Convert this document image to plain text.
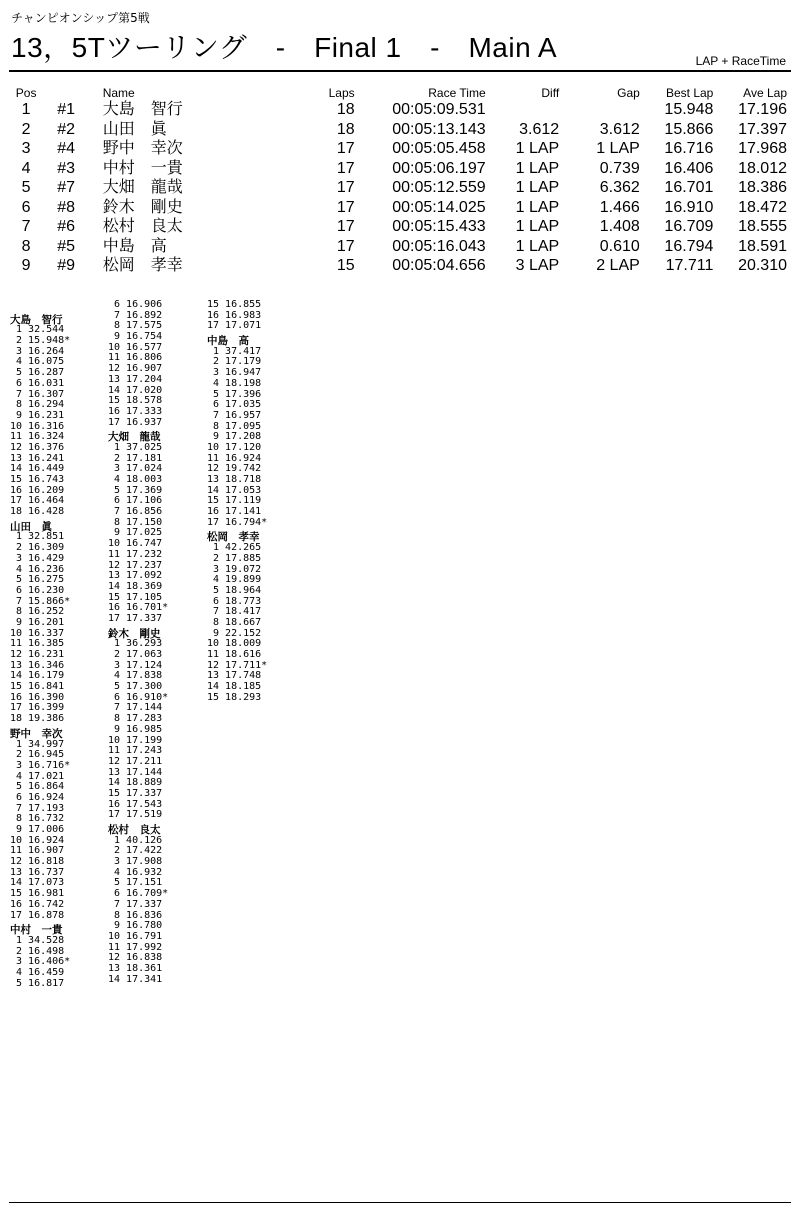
チャンピオンシップ第5戦
13，5Tツーリング　-　Final 1　-　Main A	LAP + RaceTime
Pos		Name	Laps	Race Time	Diff	Gap	Best Lap	Ave Lap
1	#1	大島　智行	18	00:05:09.531			15.948	17.196
2	#2	山田　眞	18	00:05:13.143	3.612	3.612	15.866	17.397
3	#4	野中　幸次	17	00:05:05.458	1 LAP	1 LAP	16.716	17.968
4	#3	中村　一貴	17	00:05:06.197	1 LAP	0.739	16.406	18.012
5	#7	大畑　龍哉	17	00:05:12.559	1 LAP	6.362	16.701	18.386
6	#8	鈴木　剛史	17	00:05:14.025	1 LAP	1.466	16.910	18.472
7	#6	松村　良太	17	00:05:15.433	1 LAP	1.408	16.709	18.555
8	#5	中島　高	17	00:05:16.043	1 LAP	0.610	16.794	18.591
9	#9	松岡　孝幸	15	00:05:04.656	3 LAP	2 LAP	17.711	20.310
大島　智行
1 32.544
2 15.948*
3 16.264
4 16.075
5 16.287
6 16.031
7 16.307
8 16.294
9 16.231
10 16.316
11 16.324
12 16.376
13 16.241
14 16.449
15 16.743
16 16.209
17 16.464
18 16.428
山田　眞
1 32.851
2 16.309
3 16.429
4 16.236
5 16.275
6 16.230
7 15.866*
8 16.252
9 16.201
10 16.337
11 16.385
12 16.231
13 16.346
14 16.179
15 16.841
16 16.390
17 16.399
18 19.386
野中　幸次
1 34.997
2 16.945
3 16.716*
4 17.021
5 16.864
6 16.924
7 17.193
8 16.732
9 17.006
10 16.924
11 16.907
12 16.818
13 16.737
14 17.073
15 16.981
16 16.742
17 16.878
中村　一貴
1 34.528
2 16.498
3 16.406*
4 16.459
5 16.817
6 16.906
7 16.892
8 17.575
9 16.754
10 16.577
11 16.806
12 16.907
13 17.204
14 17.020
15 18.578
16 17.333
17 16.937
大畑　龍哉
1 37.025
2 17.181
3 17.024
4 18.003
5 17.369
6 17.106
7 16.856
8 17.150
9 17.025
10 16.747
11 17.232
12 17.237
13 17.092
14 18.369
15 17.105
16 16.701*
17 17.337
鈴木　剛史
1 36.293
2 17.063
3 17.124
4 17.838
5 17.300
6 16.910*
7 17.144
8 17.283
9 16.985
10 17.199
11 17.243
12 17.211
13 17.144
14 18.889
15 17.337
16 17.543
17 17.519
松村　良太
1 40.126
2 17.422
3 17.908
4 16.932
5 17.151
6 16.709*
7 17.337
8 16.836
9 16.780
10 16.791
11 17.992
12 16.838
13 18.361
14 17.341
15 16.855
16 16.983
17 17.071
中島　高
1 37.417
2 17.179
3 16.947
4 18.198
5 17.396
6 17.035
7 16.957
8 17.095
9 17.208
10 17.120
11 16.924
12 19.742
13 18.718
14 17.053
15 17.119
16 17.141
17 16.794*
松岡　孝幸
1 42.265
2 17.885
3 19.072
4 19.899
5 18.964
6 18.773
7 18.417
8 18.667
9 22.152
10 18.009
11 18.616
12 17.711*
13 17.748
14 18.185
15 18.293
